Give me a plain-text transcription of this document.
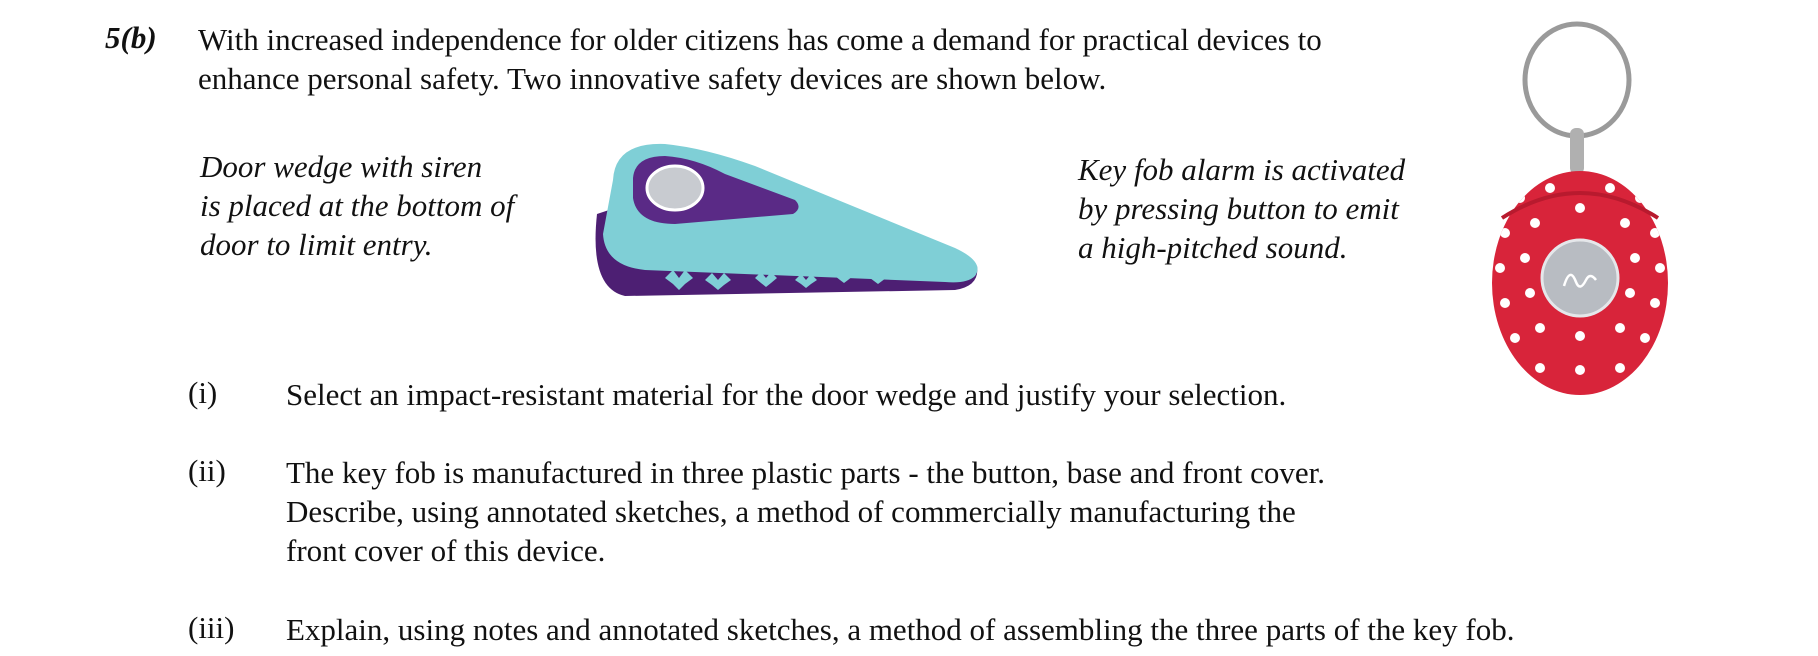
5(b) With increased independence for older citizens has come a demand for practical devices to
enhance personal safety. Two innovative safety devices are shown below.
Door wedge with siren
is placed at the bottom of
door to limit entry.
Key fob alarm is activated
by pressing button to emit
a high-pitched sound.
(i) Select an impact-resistant material for the door wedge and justify your selection.
(ii) The key fob is manufactured in three plastic parts - the button, base and front cover.
Describe, using annotated sketches, a method of commercially manufacturing the
front cover of this device.
(iii) Explain, using notes and annotated sketches, a method of assembling the three parts of the key fob.
